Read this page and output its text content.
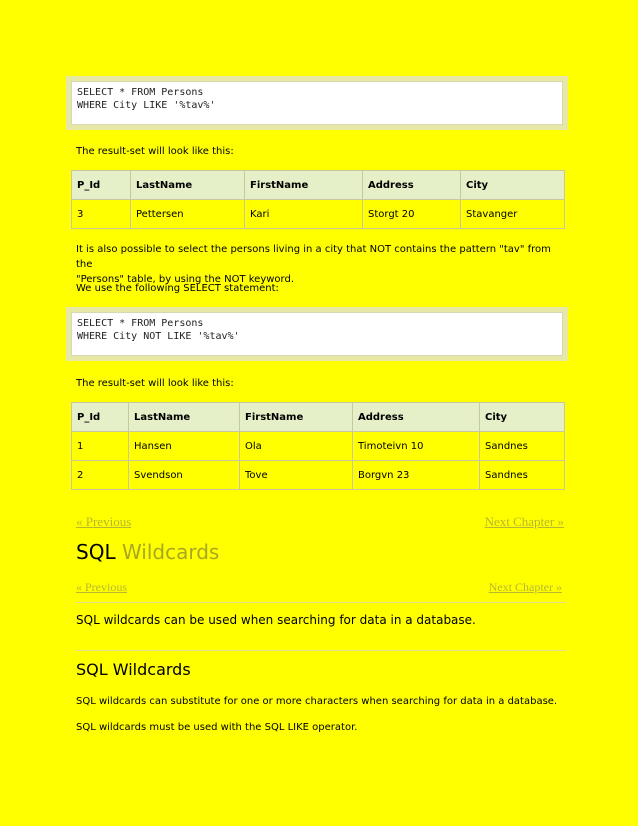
SELECT * FROM Persons
WHERE City LIKE '%tav%'
The result-set will look like this:
P_Id	LastName	FirstName	Address	City
3	Pettersen	Kari	Storgt 20	Stavanger
It is also possible to select the persons living in a city that NOT contains the pattern "tav" from the
"Persons" table, by using the NOT keyword.
We use the following SELECT statement:
SELECT * FROM Persons
WHERE City NOT LIKE '%tav%'
The result-set will look like this:
P_Id	LastName	FirstName	Address	City
1	Hansen	Ola	Timoteivn 10	Sandnes
2	Svendson	Tove	Borgvn 23	Sandnes
« Previous	Next Chapter »
SQL Wildcards
« Previous	Next Chapter »
SQL wildcards can be used when searching for data in a database.
SQL Wildcards
SQL wildcards can substitute for one or more characters when searching for data in a database.
SQL wildcards must be used with the SQL LIKE operator.
